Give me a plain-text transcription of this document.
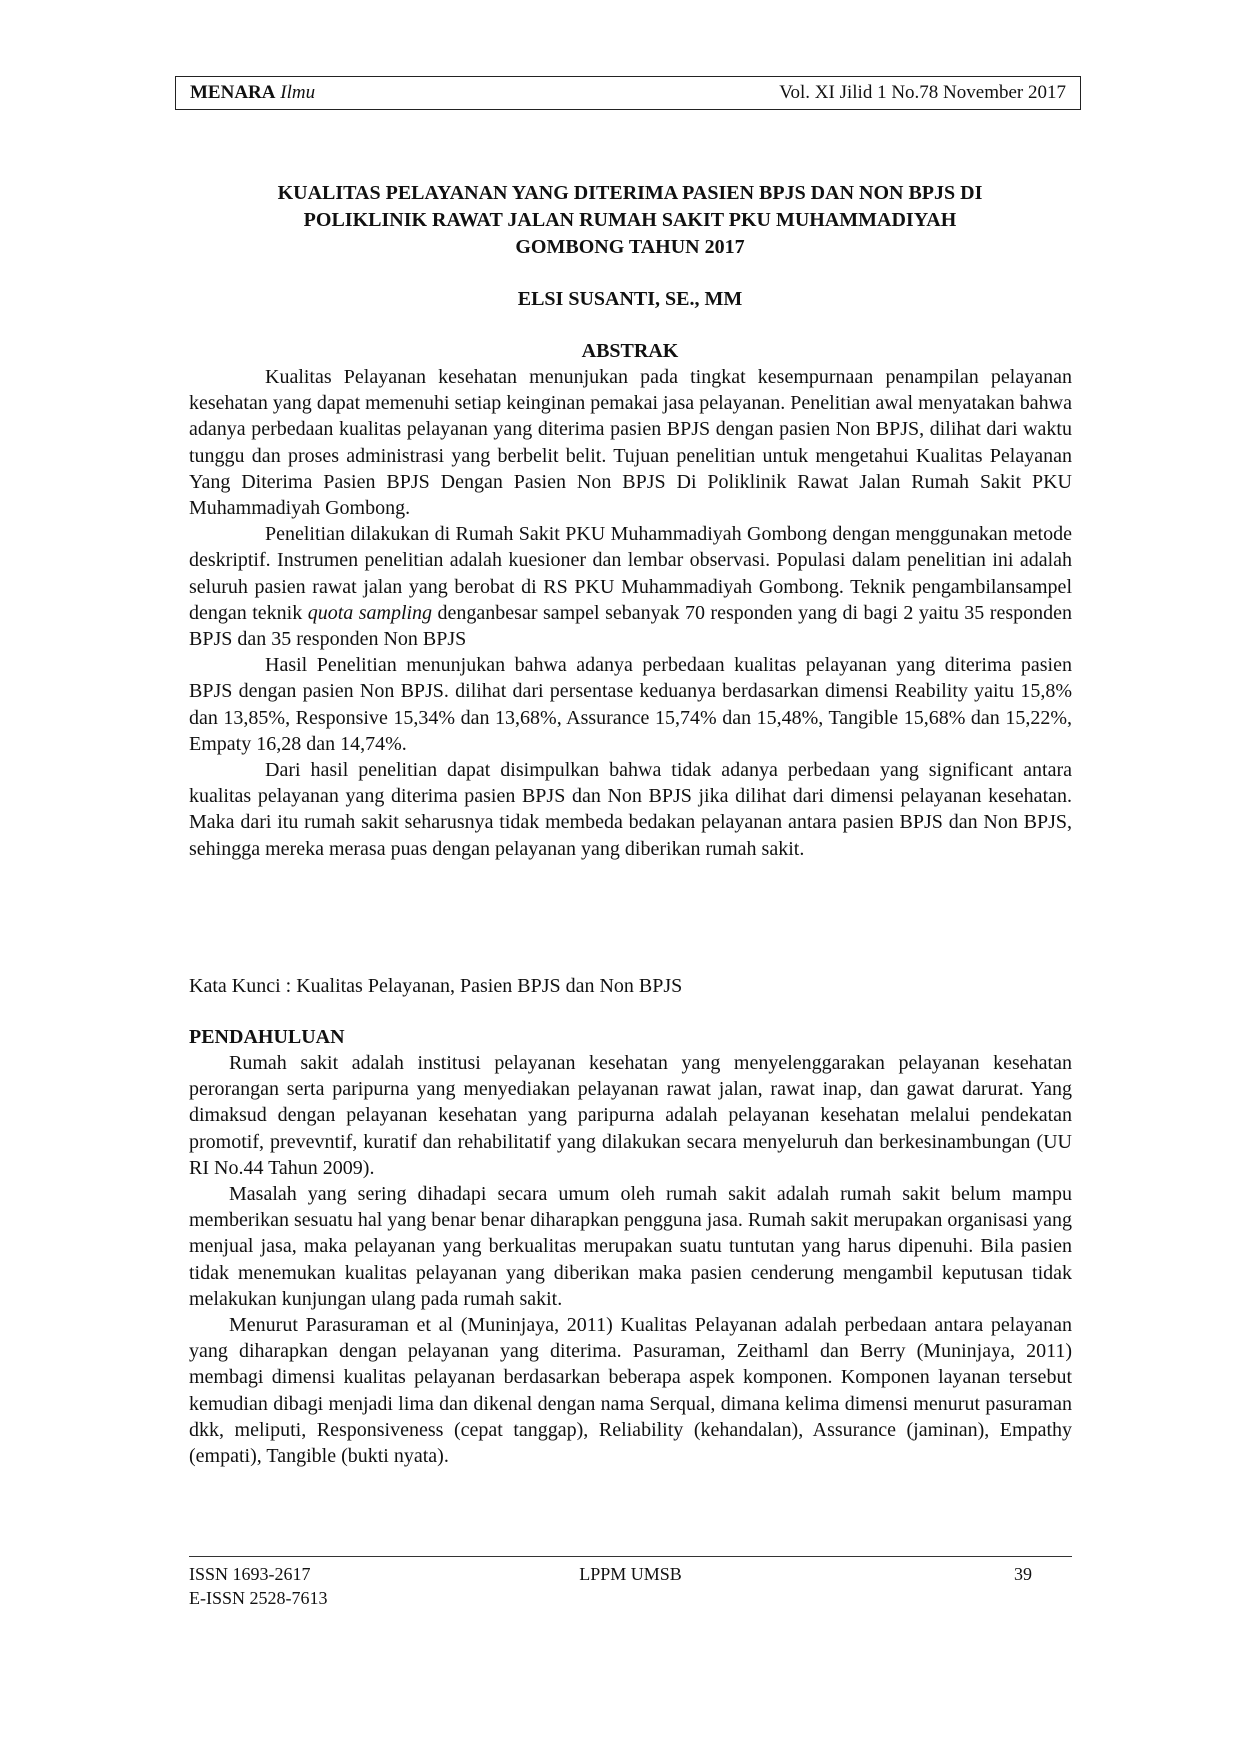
MENARA Ilmu	Vol. XI Jilid 1 No.78 November 2017
KUALITAS PELAYANAN YANG DITERIMA PASIEN BPJS DAN NON BPJS DI
POLIKLINIK RAWAT JALAN RUMAH SAKIT PKU MUHAMMADIYAH
GOMBONG TAHUN 2017

ELSI SUSANTI, SE., MM

ABSTRAK

Kualitas Pelayanan kesehatan menunjukan pada tingkat kesempurnaan penampilan pelayanan kesehatan yang dapat memenuhi setiap keinginan pemakai jasa pelayanan. Penelitian awal menyatakan bahwa adanya perbedaan kualitas pelayanan yang diterima pasien BPJS dengan pasien Non BPJS, dilihat dari waktu tunggu dan proses administrasi yang berbelit belit. Tujuan penelitian untuk mengetahui Kualitas Pelayanan Yang Diterima Pasien BPJS Dengan Pasien Non BPJS Di Poliklinik Rawat Jalan Rumah Sakit PKU Muhammadiyah Gombong.

Penelitian dilakukan di Rumah Sakit PKU Muhammadiyah Gombong dengan menggunakan metode deskriptif. Instrumen penelitian adalah kuesioner dan lembar observasi. Populasi dalam penelitian ini adalah seluruh pasien rawat jalan yang berobat di RS PKU Muhammadiyah Gombong. Teknik pengambilansampel dengan teknik quota sampling denganbesar sampel sebanyak 70 responden yang di bagi 2 yaitu 35 responden BPJS dan 35 responden Non BPJS

Hasil Penelitian menunjukan bahwa adanya perbedaan kualitas pelayanan yang diterima pasien BPJS dengan pasien Non BPJS. dilihat dari persentase keduanya berdasarkan dimensi Reability yaitu 15,8% dan 13,85%, Responsive 15,34% dan 13,68%, Assurance 15,74% dan 15,48%, Tangible 15,68% dan 15,22%, Empaty 16,28 dan 14,74%.

Dari hasil penelitian dapat disimpulkan bahwa tidak adanya perbedaan yang significant antara kualitas pelayanan yang diterima pasien BPJS dan Non BPJS jika dilihat dari dimensi pelayanan kesehatan. Maka dari itu rumah sakit seharusnya tidak membeda bedakan pelayanan antara pasien BPJS dan Non BPJS, sehingga mereka merasa puas dengan pelayanan yang diberikan rumah sakit.

Kata Kunci : Kualitas Pelayanan, Pasien BPJS dan Non BPJS

PENDAHULUAN

Rumah sakit adalah institusi pelayanan kesehatan yang menyelenggarakan pelayanan kesehatan perorangan serta paripurna yang menyediakan pelayanan rawat jalan, rawat inap, dan gawat darurat. Yang dimaksud dengan pelayanan kesehatan yang paripurna adalah pelayanan kesehatan melalui pendekatan promotif, prevevntif, kuratif dan rehabilitatif yang dilakukan secara menyeluruh dan berkesinambungan (UU RI No.44 Tahun 2009).

Masalah yang sering dihadapi secara umum oleh rumah sakit adalah rumah sakit belum mampu memberikan sesuatu hal yang benar benar diharapkan pengguna jasa. Rumah sakit merupakan organisasi yang menjual jasa, maka pelayanan yang berkualitas merupakan suatu tuntutan yang harus dipenuhi. Bila pasien tidak menemukan kualitas pelayanan yang diberikan maka pasien cenderung mengambil keputusan tidak melakukan kunjungan ulang pada rumah sakit.

Menurut Parasuraman et al (Muninjaya, 2011) Kualitas Pelayanan adalah perbedaan antara pelayanan yang diharapkan dengan pelayanan yang diterima. Pasuraman, Zeithaml dan Berry (Muninjaya, 2011) membagi dimensi kualitas pelayanan berdasarkan beberapa aspek komponen. Komponen layanan tersebut kemudian dibagi menjadi lima dan dikenal dengan nama Serqual, dimana kelima dimensi menurut pasuraman dkk, meliputi, Responsiveness (cepat tanggap), Reliability (kehandalan), Assurance (jaminan), Empathy (empati), Tangible (bukti nyata).

ISSN 1693-2617
E-ISSN 2528-7613
LPPM UMSB	39
